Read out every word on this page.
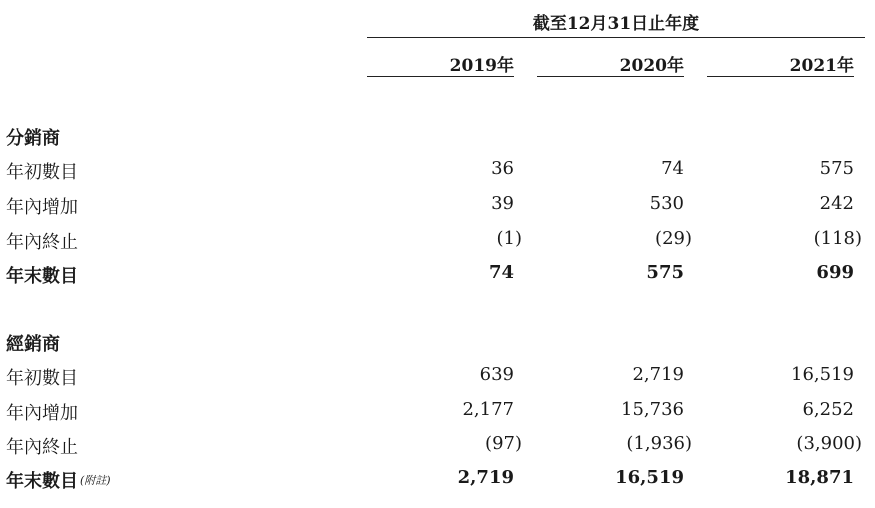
截至12月31日止年度
2019年	2020年	2021年
分銷商
年初數目	36	74	575
年內增加	39	530	242
年內終止	(1)	(29)	(118)
年末數目	74	575	699
經銷商
年初數目	639	2,719	16,519
年內增加	2,177	15,736	6,252
年內終止	(97)	(1,936)	(3,900)
年末數目 (附註)	2,719	16,519	18,871
